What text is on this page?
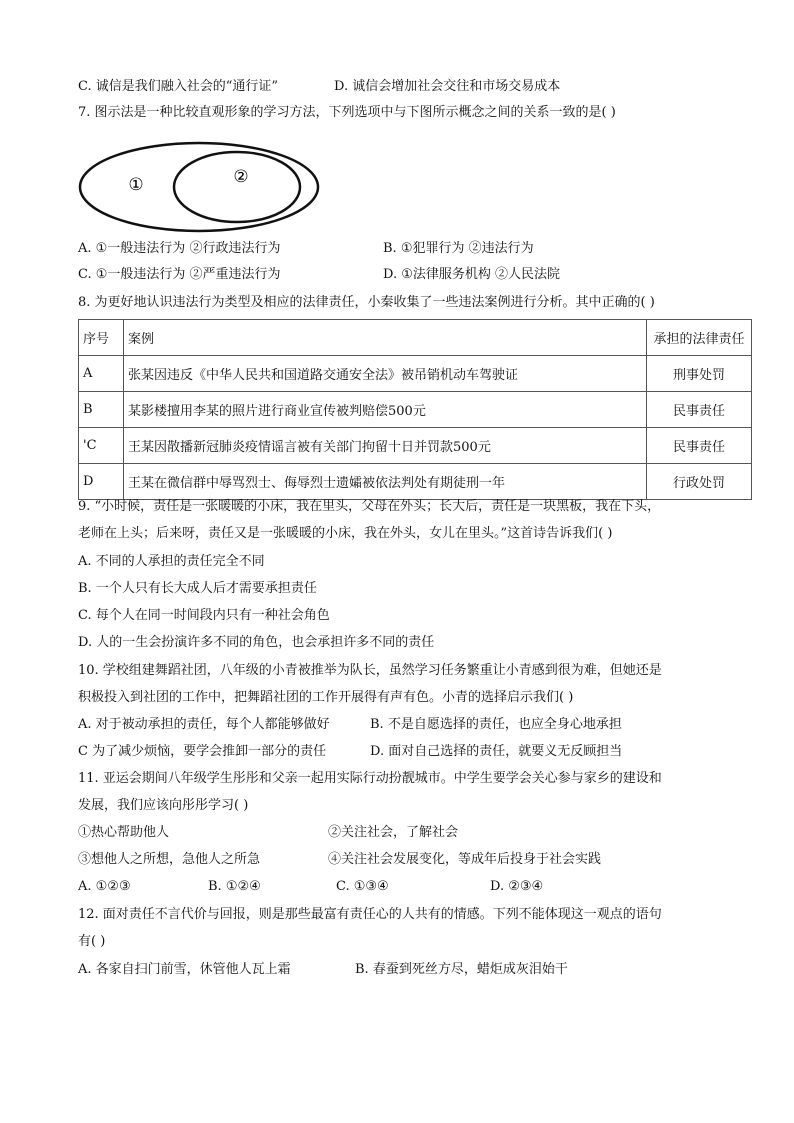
C. 诚信是我们融入社会的“通行证”	D. 诚信会增加社会交往和市场交易成本
7. 图示法是一种比较直观形象的学习方法，下列选项中与下图所示概念之间的关系一致的是( )
①	②
A. ①一般违法行为 ②行政违法行为	B. ①犯罪行为 ②违法行为
C. ①一般违法行为 ②严重违法行为	D. ①法律服务机构 ②人民法院
8. 为更好地认识违法行为类型及相应的法律责任，小秦收集了一些违法案例进行分析。其中正确的( )
序号	案例	承担的法律责任
A	张某因违反《中华人民共和国道路交通安全法》被吊销机动车驾驶证	刑事处罚
B	某影楼擅用李某的照片进行商业宣传被判赔偿500元	民事责任
'C	王某因散播新冠肺炎疫情谣言被有关部门拘留十日并罚款500元	民事责任
D	王某在微信群中辱骂烈士、侮辱烈士遗孀被依法判处有期徒刑一年	行政处罚
9. “小时候，责任是一张暖暖的小床，我在里头，父母在外头；长大后，责任是一块黑板，我在下头，
老师在上头；后来呀，责任又是一张暖暖的小床，我在外头，女儿在里头。”这首诗告诉我们( )
A. 不同的人承担的责任完全不同
B. 一个人只有长大成人后才需要承担责任
C. 每个人在同一时间段内只有一种社会角色
D. 人的一生会扮演许多不同的角色，也会承担许多不同的责任
10. 学校组建舞蹈社团，八年级的小青被推举为队长，虽然学习任务繁重让小青感到很为难，但她还是
积极投入到社团的工作中，把舞蹈社团的工作开展得有声有色。小青的选择启示我们( )
A. 对于被动承担的责任，每个人都能够做好	B. 不是自愿选择的责任，也应全身心地承担
C 为了减少烦恼，要学会推卸一部分的责任	D. 面对自己选择的责任，就要义无反顾担当
11. 亚运会期间八年级学生彤彤和父亲一起用实际行动扮靓城市。中学生要学会关心参与家乡的建设和
发展，我们应该向彤彤学习( )
①热心帮助他人	②关注社会，了解社会
③想他人之所想，急他人之所急	④关注社会发展变化，等成年后投身于社会实践
A. ①②③	B. ①②④	C. ①③④	D. ②③④
12. 面对责任不言代价与回报，则是那些最富有责任心的人共有的情感。下列不能体现这一观点的语句
有( )
A. 各家自扫门前雪，休管他人瓦上霜	B. 春蚕到死丝方尽，蜡炬成灰泪始干
